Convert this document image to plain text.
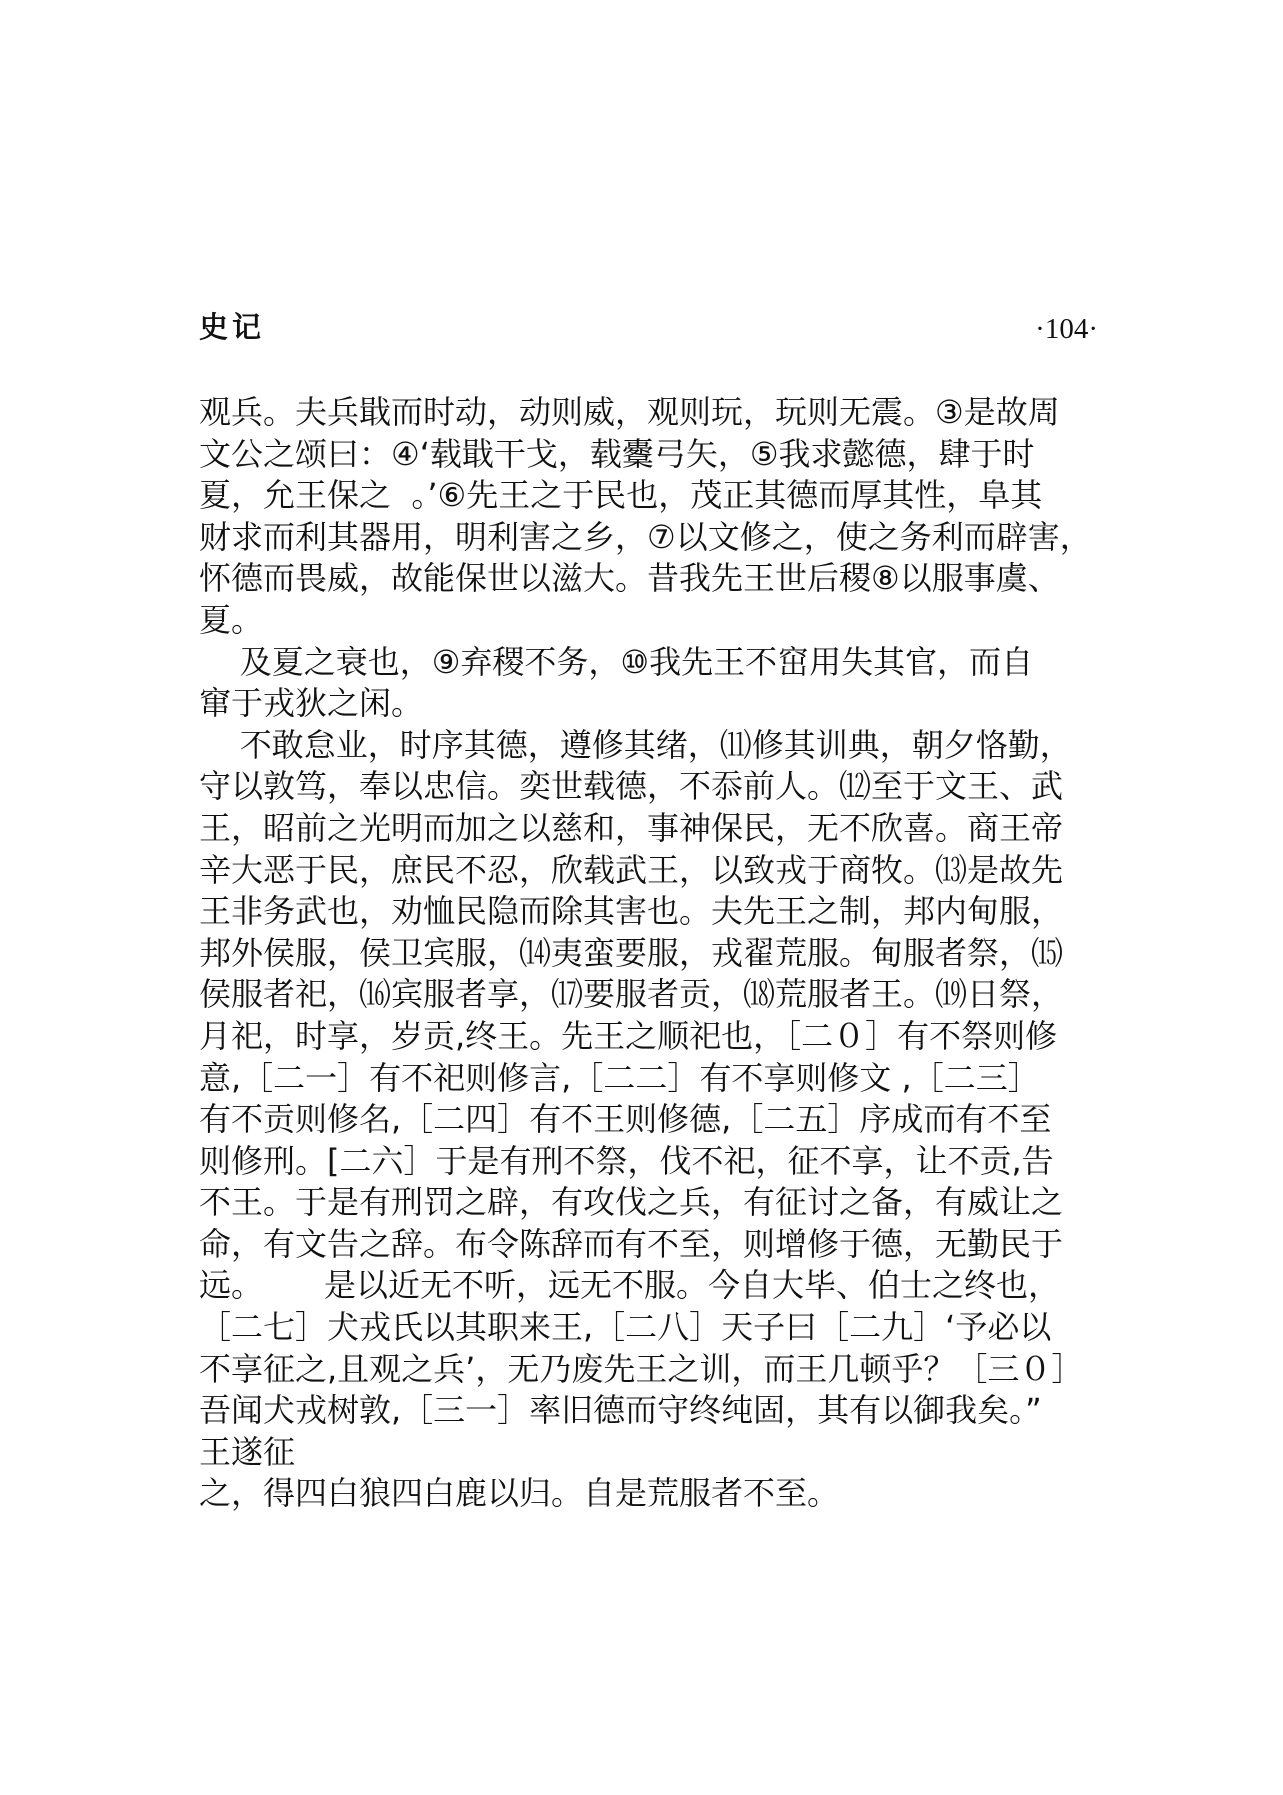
史记	·104·
观兵。夫兵戢而时动，动则威，观则玩，玩则无震。③是故周
文公之颂曰：④‘载戢干戈，载櫜弓矢，⑤我求懿德，肆于时
夏，允王保之  。’⑥先王之于民也，茂正其德而厚其性，阜其
财求而利其器用，明利害之乡，⑦以文修之，使之务利而辟害，
怀德而畏威，故能保世以滋大。昔我先王世后稷⑧以服事虞、
夏。
及夏之衰也，⑨弃稷不务，⑩我先王不窋用失其官，而自
窜于戎狄之闲。
不敢怠业，时序其德，遵修其绪，⑾修其训典，朝夕恪勤，
守以敦笃，奉以忠信。奕世载德，不忝前人。⑿至于文王、武
王，昭前之光明而加之以慈和，事神保民，无不欣喜。商王帝
辛大恶于民，庶民不忍，欣载武王，以致戎于商牧。⒀是故先
王非务武也，劝恤民隐而除其害也。夫先王之制，邦内甸服，
邦外侯服，侯卫宾服，⒁夷蛮要服，戎翟荒服。甸服者祭，⒂
侯服者祀，⒃宾服者享，⒄要服者贡，⒅荒服者王。⒆日祭，
月祀，时享，岁贡,终王。先王之顺祀也，［二０］有不祭则修
意,［二一］有不祀则修言,［二二］有不享则修文 ,［二三］
有不贡则修名,［二四］有不王则修德,［二五］序成而有不至
则修刑。[二六］于是有刑不祭，伐不祀，征不享，让不贡,告
不王。于是有刑罚之辟，有攻伐之兵，有征讨之备，有威让之
命，有文告之辞。布令陈辞而有不至，则增修于德，无勤民于
远。      是以近无不听，远无不服。今自大毕、伯士之终也，
［二七］犬戎氏以其职来王,［二八］天子曰［二九］‘予必以
不享征之,且观之兵’，无乃废先王之训，而王几顿乎？［三０］
吾闻犬戎树敦,［三一］率旧德而守终纯固，其有以御我矣。”
王遂征
之，得四白狼四白鹿以归。自是荒服者不至。
